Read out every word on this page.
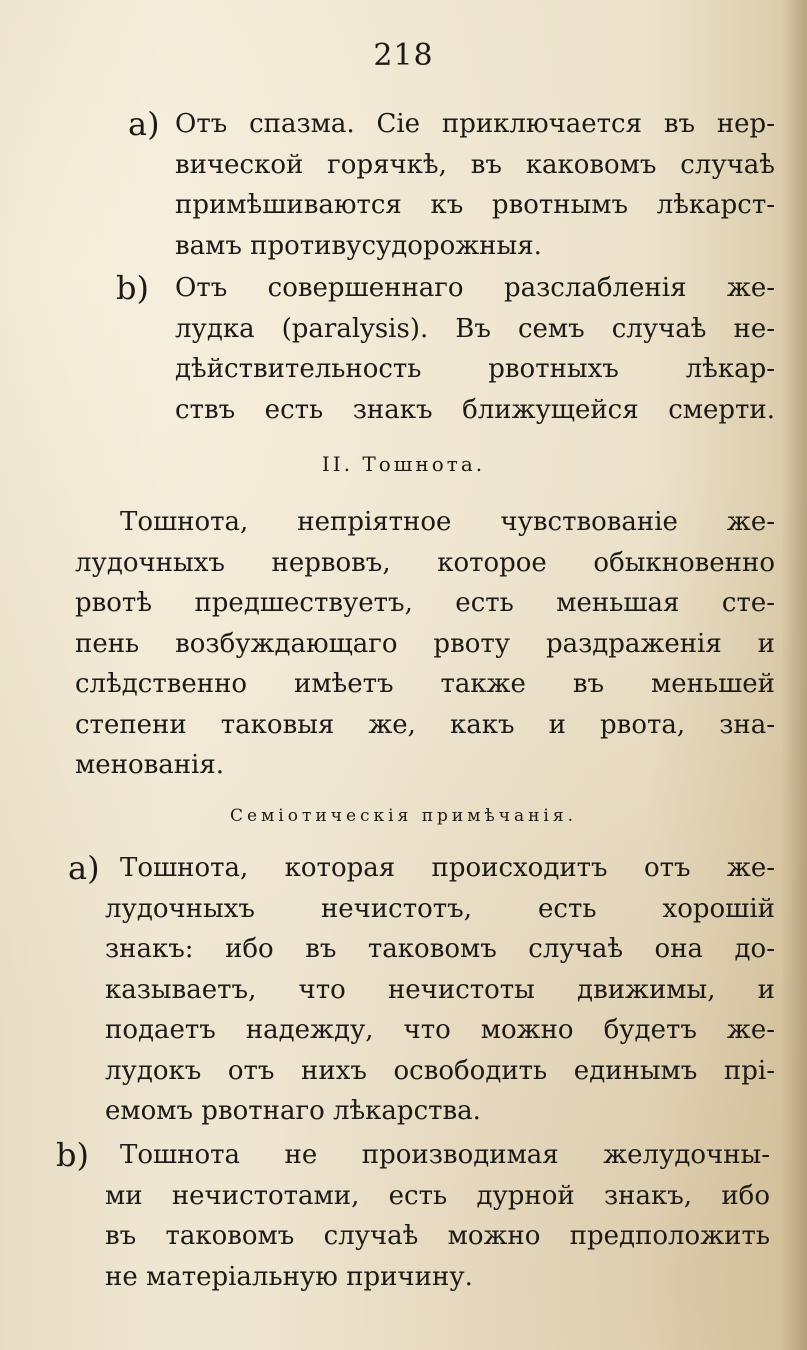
218
a) Отъ спазма. Сіе приключается въ нер-
вической горячкѣ, въ каковомъ случаѣ
примѣшиваются къ рвотнымъ лѣкарст-
вамъ противусудорожныя.
b) Отъ совершеннаго разслабленія же-
лудка (paralysis). Въ семъ случаѣ не-
дѣйствительность рвотныхъ лѣкар-
ствъ есть знакъ ближущейся смерти.
II. Тошнота.
Тошнота, непріятное чувствованіе же-
лудочныхъ нервовъ, которое обыкновенно
рвотѣ предшествуетъ, есть меньшая сте-
пень возбуждающаго рвоту раздраженія и
слѣдственно имѣетъ также въ меньшей
степени таковыя же, какъ и рвота, зна-
менованія.
Семіотическія примѣчанія.
a) Тошнота, которая происходитъ отъ же-
лудочныхъ нечистотъ, есть хорошій
знакъ: ибо въ таковомъ случаѣ она до-
казываетъ, что нечистоты движимы, и
подаетъ надежду, что можно будетъ же-
лудокъ отъ нихъ освободить единымъ прі-
емомъ рвотнаго лѣкарства.
b)	Тошнота не производимая желудочны-
ми нечистотами, есть дурной знакъ, ибо
въ таковомъ случаѣ можно предположить
не матеріальную причину.
